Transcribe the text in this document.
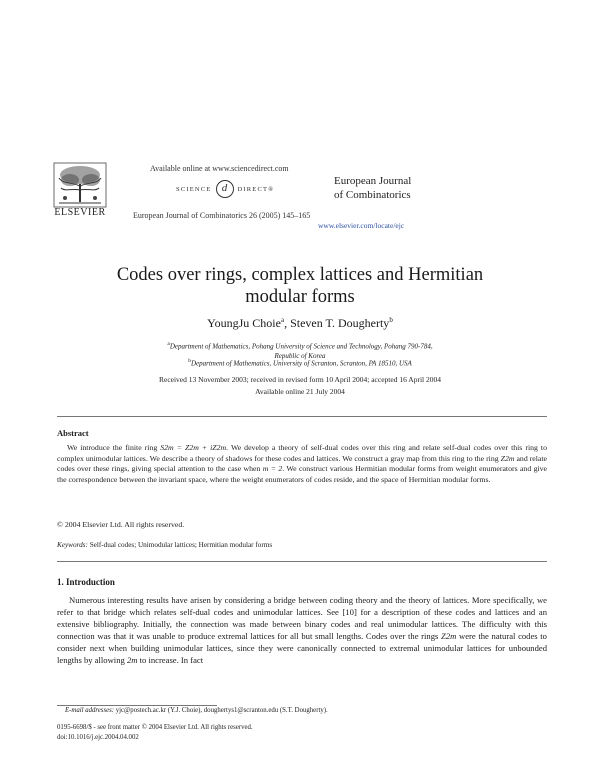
ELSEVIER
Available online at www.sciencedirect.com
SCIENCE d	DIRECT®
European Journal of Combinatorics 26 (2005) 145–165
European Journal
of Combinatorics
www.elsevier.com/locate/ejc
Codes over rings, complex lattices and Hermitian
modular forms
YoungJu Choie$^a$, Steven T. Dougherty$^b$
$^a$Department of Mathematics, Pohang University of Science and Technology, Pohang 790-784,
Republic of Korea
$^b$Department of Mathematics, University of Scranton, Scranton, PA 18510, USA
Received 13 November 2003; received in revised form 10 April 2004; accepted 16 April 2004
Available online 21 July 2004
Abstract
We introduce the finite ring S2m = Z2m + iZ2m. We develop a theory of self-dual codes over this ring and relate self-dual codes over this ring to complex unimodular lattices. We describe a theory of shadows for these codes and lattices. We construct a gray map from this ring to the ring Z2m and relate codes over these rings, giving special attention to the case when m = 2. We construct various Hermitian modular forms from weight enumerators and give the correspondence between the invariant space, where the weight enumerators of codes reside, and the space of Hermitian modular forms.
© 2004 Elsevier Ltd. All rights reserved.
Keywords: Self-dual codes; Unimodular lattices; Hermitian modular forms
1. Introduction
Numerous interesting results have arisen by considering a bridge between coding theory and the theory of lattices. More specifically, we refer to that bridge which relates self-dual codes and unimodular lattices. See [10] for a description of these codes and lattices and an extensive bibliography. Initially, the connection was made between binary codes and real unimodular lattices. The difficulty with this connection was that it was unable to produce extremal lattices for all but small lengths. Codes over the rings Z2m were the natural codes to consider next when building unimodular lattices, since they were canonically connected to extremal unimodular lattices for unbounded lengths by allowing 2m to increase. In fact
E-mail addresses: yjc@postech.ac.kr (Y.J. Choie), doughertys1@scranton.edu (S.T. Dougherty).
0195-6698/$ - see front matter © 2004 Elsevier Ltd. All rights reserved.
doi:10.1016/j.ejc.2004.04.002
